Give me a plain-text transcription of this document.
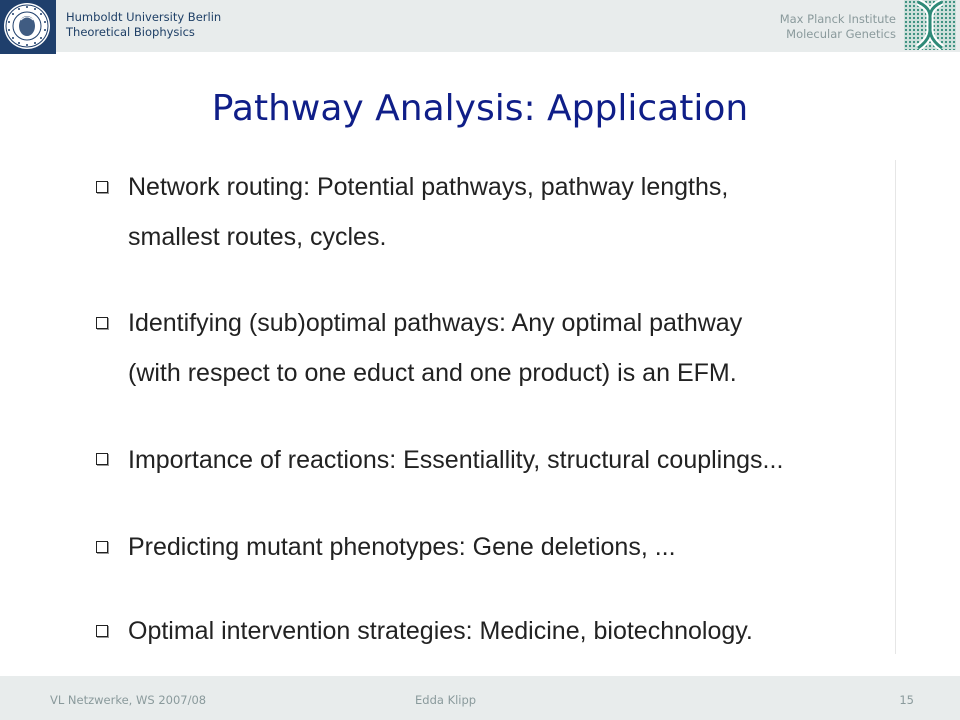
Humboldt University Berlin
Theoretical Biophysics
Max Planck Institute
Molecular Genetics
Pathway Analysis: Application
Network routing: Potential pathways, pathway lengths,
smallest routes, cycles.
Identifying (sub)optimal pathways: Any optimal pathway
(with respect to one educt and one product) is an EFM.
Importance of reactions: Essentiallity, structural couplings...
Predicting mutant phenotypes: Gene deletions, ...
Optimal intervention strategies: Medicine, biotechnology.
VL Netzwerke, WS 2007/08	Edda Klipp	15
